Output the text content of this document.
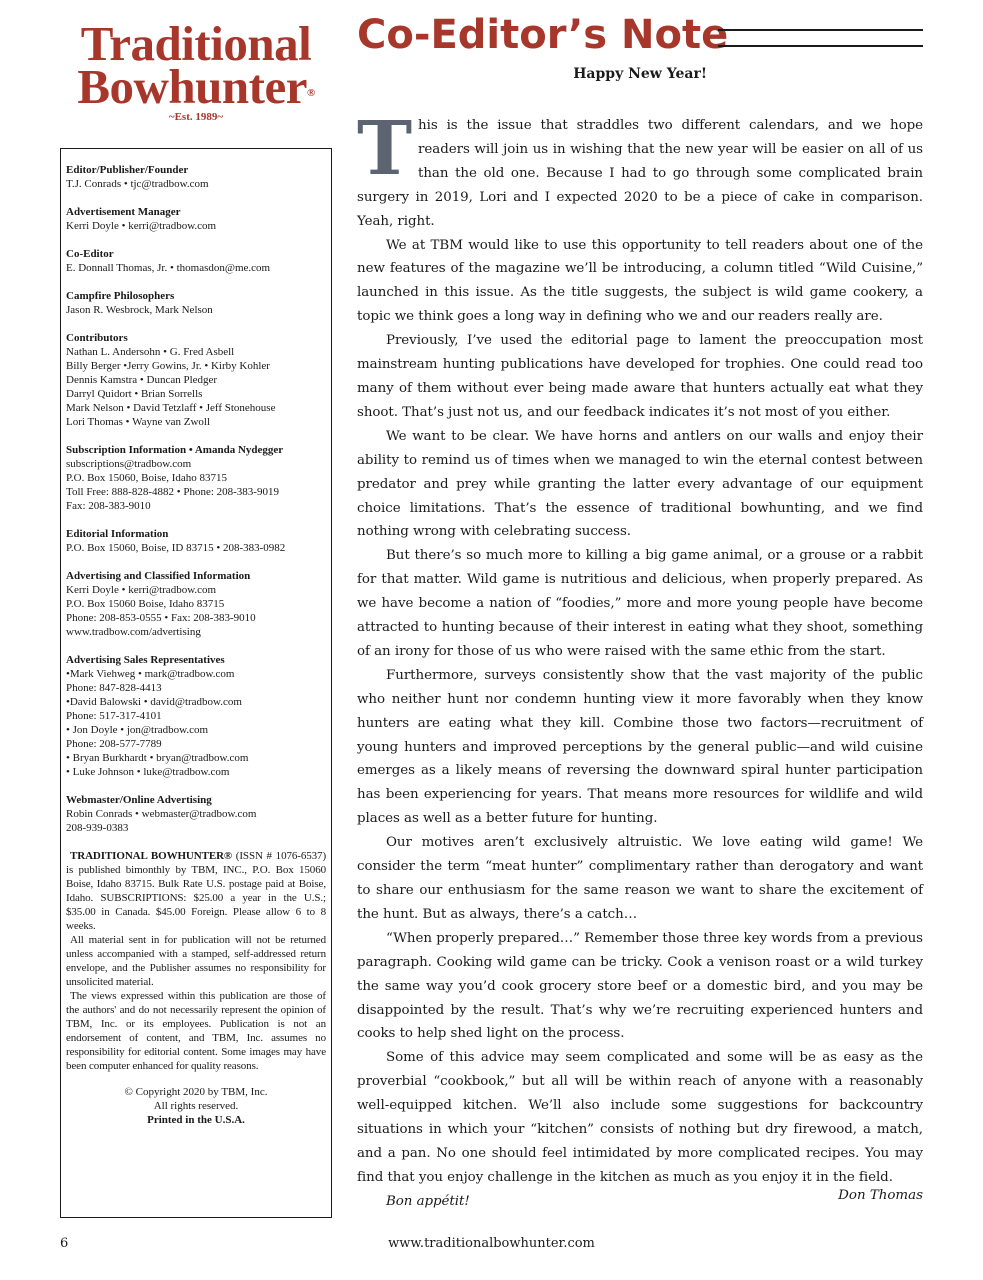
Traditional
Bowhunter®
~Est. 1989~
Editor/Publisher/Founder
T.J. Conrads • tjc@tradbow.com
Advertisement Manager
Kerri Doyle • kerri@tradbow.com
Co-Editor
E. Donnall Thomas, Jr. • thomasdon@me.com
Campfire Philosophers
Jason R. Wesbrock, Mark Nelson
Contributors
Nathan L. Andersohn • G. Fred Asbell
Billy Berger •Jerry Gowins, Jr. • Kirby Kohler
Dennis Kamstra • Duncan Pledger
Darryl Quidort • Brian Sorrells
Mark Nelson • David Tetzlaff • Jeff Stonehouse
Lori Thomas • Wayne van Zwoll
Subscription Information • Amanda Nydegger
subscriptions@tradbow.com
P.O. Box 15060, Boise, Idaho 83715
Toll Free: 888-828-4882 • Phone: 208-383-9019
Fax: 208-383-9010
Editorial Information
P.O. Box 15060, Boise, ID 83715 • 208-383-0982
Advertising and Classified Information
Kerri Doyle • kerri@tradbow.com
P.O. Box 15060 Boise, Idaho 83715
Phone: 208-853-0555 • Fax: 208-383-9010
www.tradbow.com/advertising
Advertising Sales Representatives
•Mark Viehweg • mark@tradbow.com
Phone: 847-828-4413
•David Balowski • david@tradbow.com
Phone: 517-317-4101
• Jon Doyle • jon@tradbow.com
Phone: 208-577-7789
• Bryan Burkhardt • bryan@tradbow.com
• Luke Johnson • luke@tradbow.com
Webmaster/Online Advertising
Robin Conrads • webmaster@tradbow.com
208-939-0383

TRADITIONAL BOWHUNTER® (ISSN # 1076-6537) is published bimonthly by TBM, INC., P.O. Box 15060 Boise, Idaho 83715. Bulk Rate U.S. postage paid at Boise, Idaho. SUBSCRIPTIONS: $25.00 a year in the U.S.; $35.00 in Canada. $45.00 Foreign. Please allow 6 to 8 weeks.

All material sent in for publication will not be returned unless accompanied with a stamped, self-addressed return envelope, and the Publisher assumes no responsibility for unsolicited material.

The views expressed within this publication are those of the authors' and do not necessarily represent the opinion of TBM, Inc. or its employees. Publication is not an endorsement of content, and TBM, Inc. assumes no responsibility for editorial content. Some images may have been computer enhanced for quality reasons.

© Copyright 2020 by TBM, Inc.
All rights reserved.
Printed in the U.S.A.
Co-Editor’s Note
Happy New Year!

This is the issue that straddles two different calendars, and we hope readers will join us in wishing that the new year will be easier on all of us than the old one. Because I had to go through some complicated brain surgery in 2019, Lori and I expected 2020 to be a piece of cake in comparison. Yeah, right.

We at TBM would like to use this opportunity to tell readers about one of the new features of the magazine we’ll be introducing, a column titled “Wild Cuisine,” launched in this issue. As the title suggests, the subject is wild game cookery, a topic we think goes a long way in defining who we and our readers really are.

Previously, I’ve used the editorial page to lament the preoccupation most mainstream hunting publications have developed for trophies. One could read too many of them without ever being made aware that hunters actually eat what they shoot. That’s just not us, and our feedback indicates it’s not most of you either.

We want to be clear. We have horns and antlers on our walls and enjoy their ability to remind us of times when we managed to win the eternal contest between predator and prey while granting the latter every advantage of our equipment choice limitations. That’s the essence of traditional bowhunting, and we find nothing wrong with celebrating success.

But there’s so much more to killing a big game animal, or a grouse or a rabbit for that matter. Wild game is nutritious and delicious, when properly prepared. As we have become a nation of “foodies,” more and more young people have become attracted to hunting because of their interest in eating what they shoot, something of an irony for those of us who were raised with the same ethic from the start.

Furthermore, surveys consistently show that the vast majority of the public who neither hunt nor condemn hunting view it more favorably when they know hunters are eating what they kill. Combine those two factors—recruitment of young hunters and improved perceptions by the general public—and wild cuisine emerges as a likely means of reversing the downward spiral hunter participation has been experiencing for years. That means more resources for wildlife and wild places as well as a better future for hunting.

Our motives aren’t exclusively altruistic. We love eating wild game! We consider the term “meat hunter” complimentary rather than derogatory and want to share our enthusiasm for the same reason we want to share the excitement of the hunt. But as always, there’s a catch…

“When properly prepared…” Remember those three key words from a previous paragraph. Cooking wild game can be tricky. Cook a venison roast or a wild turkey the same way you’d cook grocery store beef or a domestic bird, and you may be disappointed by the result. That’s why we’re recruiting experienced hunters and cooks to help shed light on the process.

Some of this advice may seem complicated and some will be as easy as the proverbial “cookbook,” but all will be within reach of anyone with a reasonably well-equipped kitchen. We’ll also include some suggestions for backcountry situations in which your “kitchen” consists of nothing but dry firewood, a match, and a pan. No one should feel intimidated by more complicated recipes. You may find that you enjoy challenge in the kitchen as much as you enjoy it in the field.

Bon appétit!	Don Thomas
6	www.traditionalbowhunter.com
